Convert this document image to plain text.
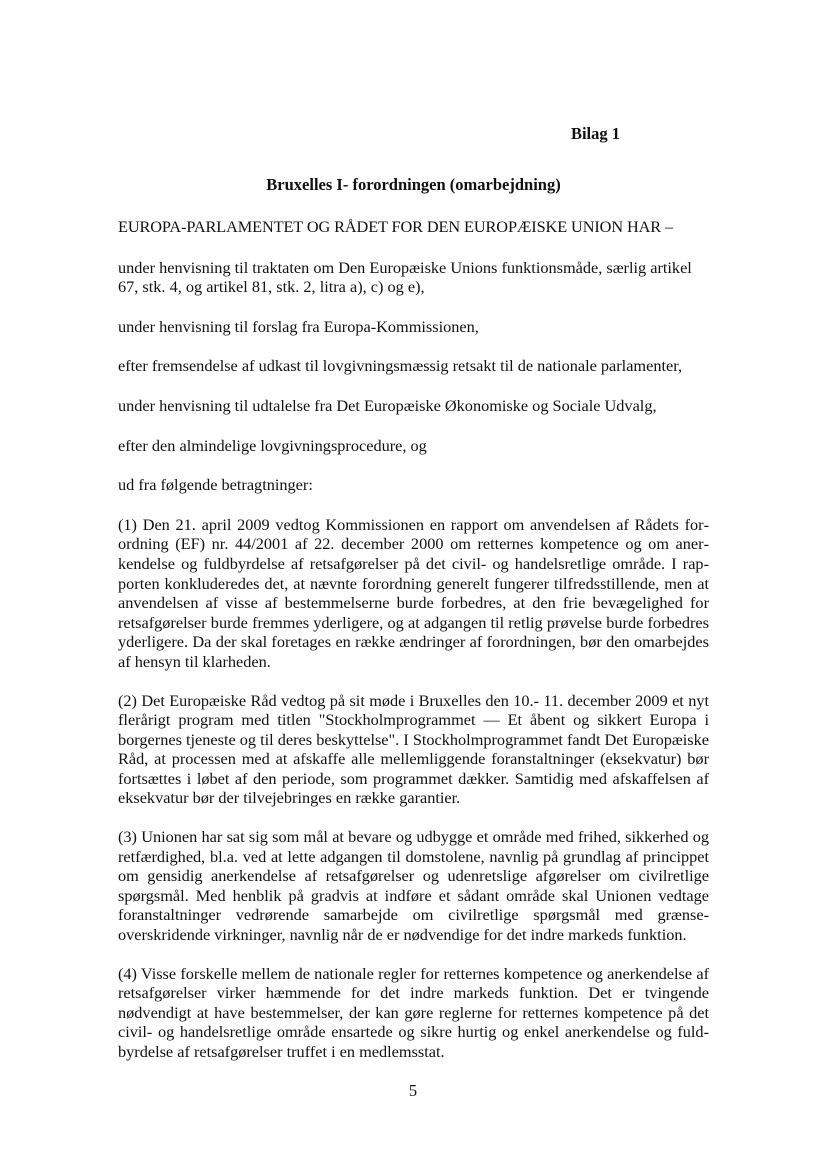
Bilag 1
Bruxelles I- forordningen (omarbejdning)

EUROPA-PARLAMENTET OG RÅDET FOR DEN EUROPÆISKE UNION HAR –

under henvisning til traktaten om Den Europæiske Unions funktionsmåde, særlig artikel 67, stk. 4, og artikel 81, stk. 2, litra a), c) og e),

under henvisning til forslag fra Europa-Kommissionen,

efter fremsendelse af udkast til lovgivningsmæssig retsakt til de nationale parlamenter,

under henvisning til udtalelse fra Det Europæiske Økonomiske og Sociale Udvalg,

efter den almindelige lovgivningsprocedure, og

ud fra følgende betragtninger:

(1) Den 21. april 2009 vedtog Kommissionen en rapport om anvendelsen af Rådets forordning (EF) nr. 44/2001 af 22. december 2000 om retternes kompetence og om anerkendelse og fuldbyrdelse af retsafgørelser på det civil- og handelsretlige område. I rapporten konkluderedes det, at nævnte forordning generelt fungerer tilfredsstillende, men at anvendelsen af visse af bestemmelserne burde forbedres, at den frie bevægelighed for retsafgørelser burde fremmes yderligere, og at adgangen til retlig prøvelse burde forbedres yderligere. Da der skal foretages en række ændringer af forordningen, bør den omarbejdes af hensyn til klarheden.

(2) Det Europæiske Råd vedtog på sit møde i Bruxelles den 10.- 11. december 2009 et nyt flerårigt program med titlen "Stockholmprogrammet — Et åbent og sikkert Europa i borgernes tjeneste og til deres beskyttelse". I Stockholmprogrammet fandt Det Europæiske Råd, at processen med at afskaffe alle mellemliggende foranstaltninger (eksekvatur) bør fortsættes i løbet af den periode, som programmet dækker. Samtidig med afskaffelsen af eksekvatur bør der tilvejebringes en række garantier.

(3) Unionen har sat sig som mål at bevare og udbygge et område med frihed, sikkerhed og retfærdighed, bl.a. ved at lette adgangen til domstolene, navnlig på grundlag af princippet om gensidig anerkendelse af retsafgørelser og udenretslige afgørelser om civilretlige spørgsmål. Med henblik på gradvis at indføre et sådant område skal Unionen vedtage foranstaltninger vedrørende samarbejde om civilretlige spørgsmål med grænseoverskridende virkninger, navnlig når de er nødvendige for det indre markeds funktion.

(4) Visse forskelle mellem de nationale regler for retternes kompetence og anerkendelse af retsafgørelser virker hæmmende for det indre markeds funktion. Det er tvingende nødvendigt at have bestemmelser, der kan gøre reglerne for retternes kompetence på det civil- og handelsretlige område ensartede og sikre hurtig og enkel anerkendelse og fuldbyrdelse af retsafgørelser truffet i en medlemsstat.

5
